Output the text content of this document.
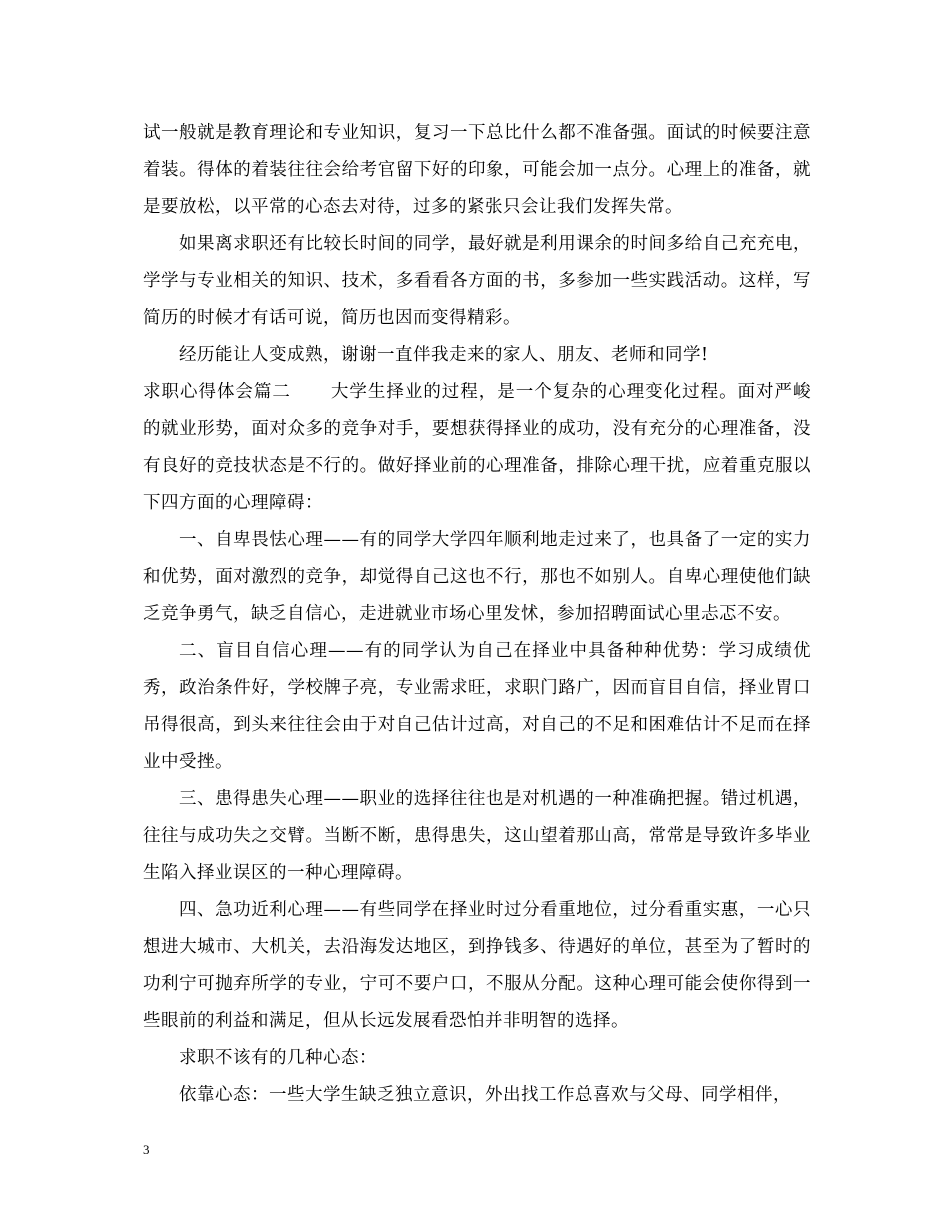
试一般就是教育理论和专业知识，复习一下总比什么都不准备强。面试的时候要注意着装。得体的着装往往会给考官留下好的印象，可能会加一点分。心理上的准备，就是要放松，以平常的心态去对待，过多的紧张只会让我们发挥失常。

如果离求职还有比较长时间的同学，最好就是利用课余的时间多给自己充充电，学学与专业相关的知识、技术，多看看各方面的书，多参加一些实践活动。这样，写简历的时候才有话可说，简历也因而变得精彩。

经历能让人变成熟，谢谢一直伴我走来的家人、朋友、老师和同学!

求职心得体会篇二 大学生择业的过程，是一个复杂的心理变化过程。面对严峻的就业形势，面对众多的竞争对手，要想获得择业的成功，没有充分的心理准备，没有良好的竞技状态是不行的。做好择业前的心理准备，排除心理干扰，应着重克服以下四方面的心理障碍：

一、自卑畏怯心理——有的同学大学四年顺利地走过来了，也具备了一定的实力和优势，面对激烈的竞争，却觉得自己这也不行，那也不如别人。自卑心理使他们缺乏竞争勇气，缺乏自信心，走进就业市场心里发怵，参加招聘面试心里忐忑不安。

二、盲目自信心理——有的同学认为自己在择业中具备种种优势：学习成绩优秀，政治条件好，学校牌子亮，专业需求旺，求职门路广，因而盲目自信，择业胃口吊得很高，到头来往往会由于对自己估计过高，对自己的不足和困难估计不足而在择业中受挫。

三、患得患失心理——职业的选择往往也是对机遇的一种准确把握。错过机遇，往往与成功失之交臂。当断不断，患得患失，这山望着那山高，常常是导致许多毕业生陷入择业误区的一种心理障碍。

四、急功近利心理——有些同学在择业时过分看重地位，过分看重实惠，一心只想进大城市、大机关，去沿海发达地区，到挣钱多、待遇好的单位，甚至为了暂时的功利宁可抛弃所学的专业，宁可不要户口，不服从分配。这种心理可能会使你得到一些眼前的利益和满足，但从长远发展看恐怕并非明智的选择。

求职不该有的几种心态：

依靠心态：一些大学生缺乏独立意识，外出找工作总喜欢与父母、同学相伴，

3
